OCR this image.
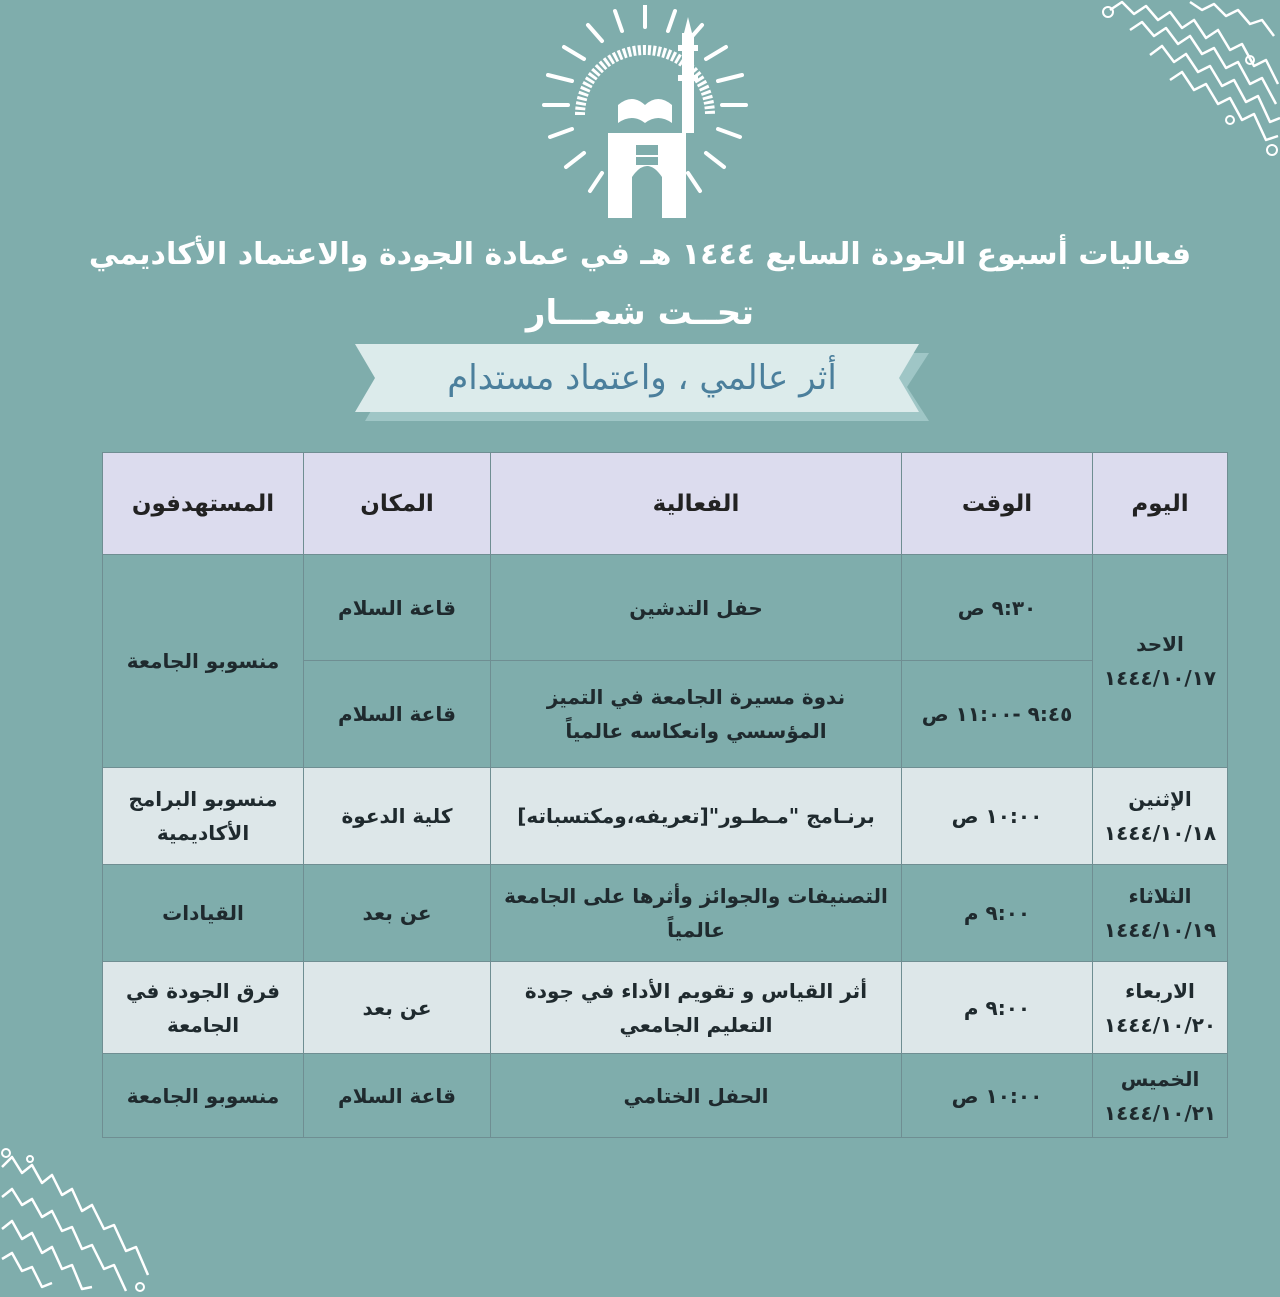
فعاليات أسبوع الجودة السابع ١٤٤٤ هـ في عمادة الجودة والاعتماد الأكاديمي
تحــت شعـــار
أثر عالمي ، واعتماد مستدام
اليوم	الوقت	الفعالية	المكان	المستهدفون

الاحد
١٤٤٤/١٠/١٧	٩:٣٠ ص	حفل التدشين	قاعة السلام	منسوبو الجامعة
	٩:٤٥ -١١:٠٠ ص	ندوة مسيرة الجامعة في التميز المؤسسي وانعكاسه عالمياً	قاعة السلام	

الإثنين
١٤٤٤/١٠/١٨	١٠:٠٠ ص	برنـامج "مـطـور"[تعريفه،ومكتسباته]	كلية الدعوة	منسوبو البرامج الأكاديمية

الثلاثاء
١٤٤٤/١٠/١٩	٩:٠٠ م	التصنيفات والجوائز وأثرها على الجامعة عالمياً	عن بعد	القيادات

الاربعاء
١٤٤٤/١٠/٢٠	٩:٠٠ م	أثر القياس و تقويم الأداء في جودة التعليم الجامعي	عن بعد	فرق الجودة في الجامعة

الخميس
١٤٤٤/١٠/٢١	١٠:٠٠ ص	الحفل الختامي	قاعة السلام	منسوبو الجامعة
